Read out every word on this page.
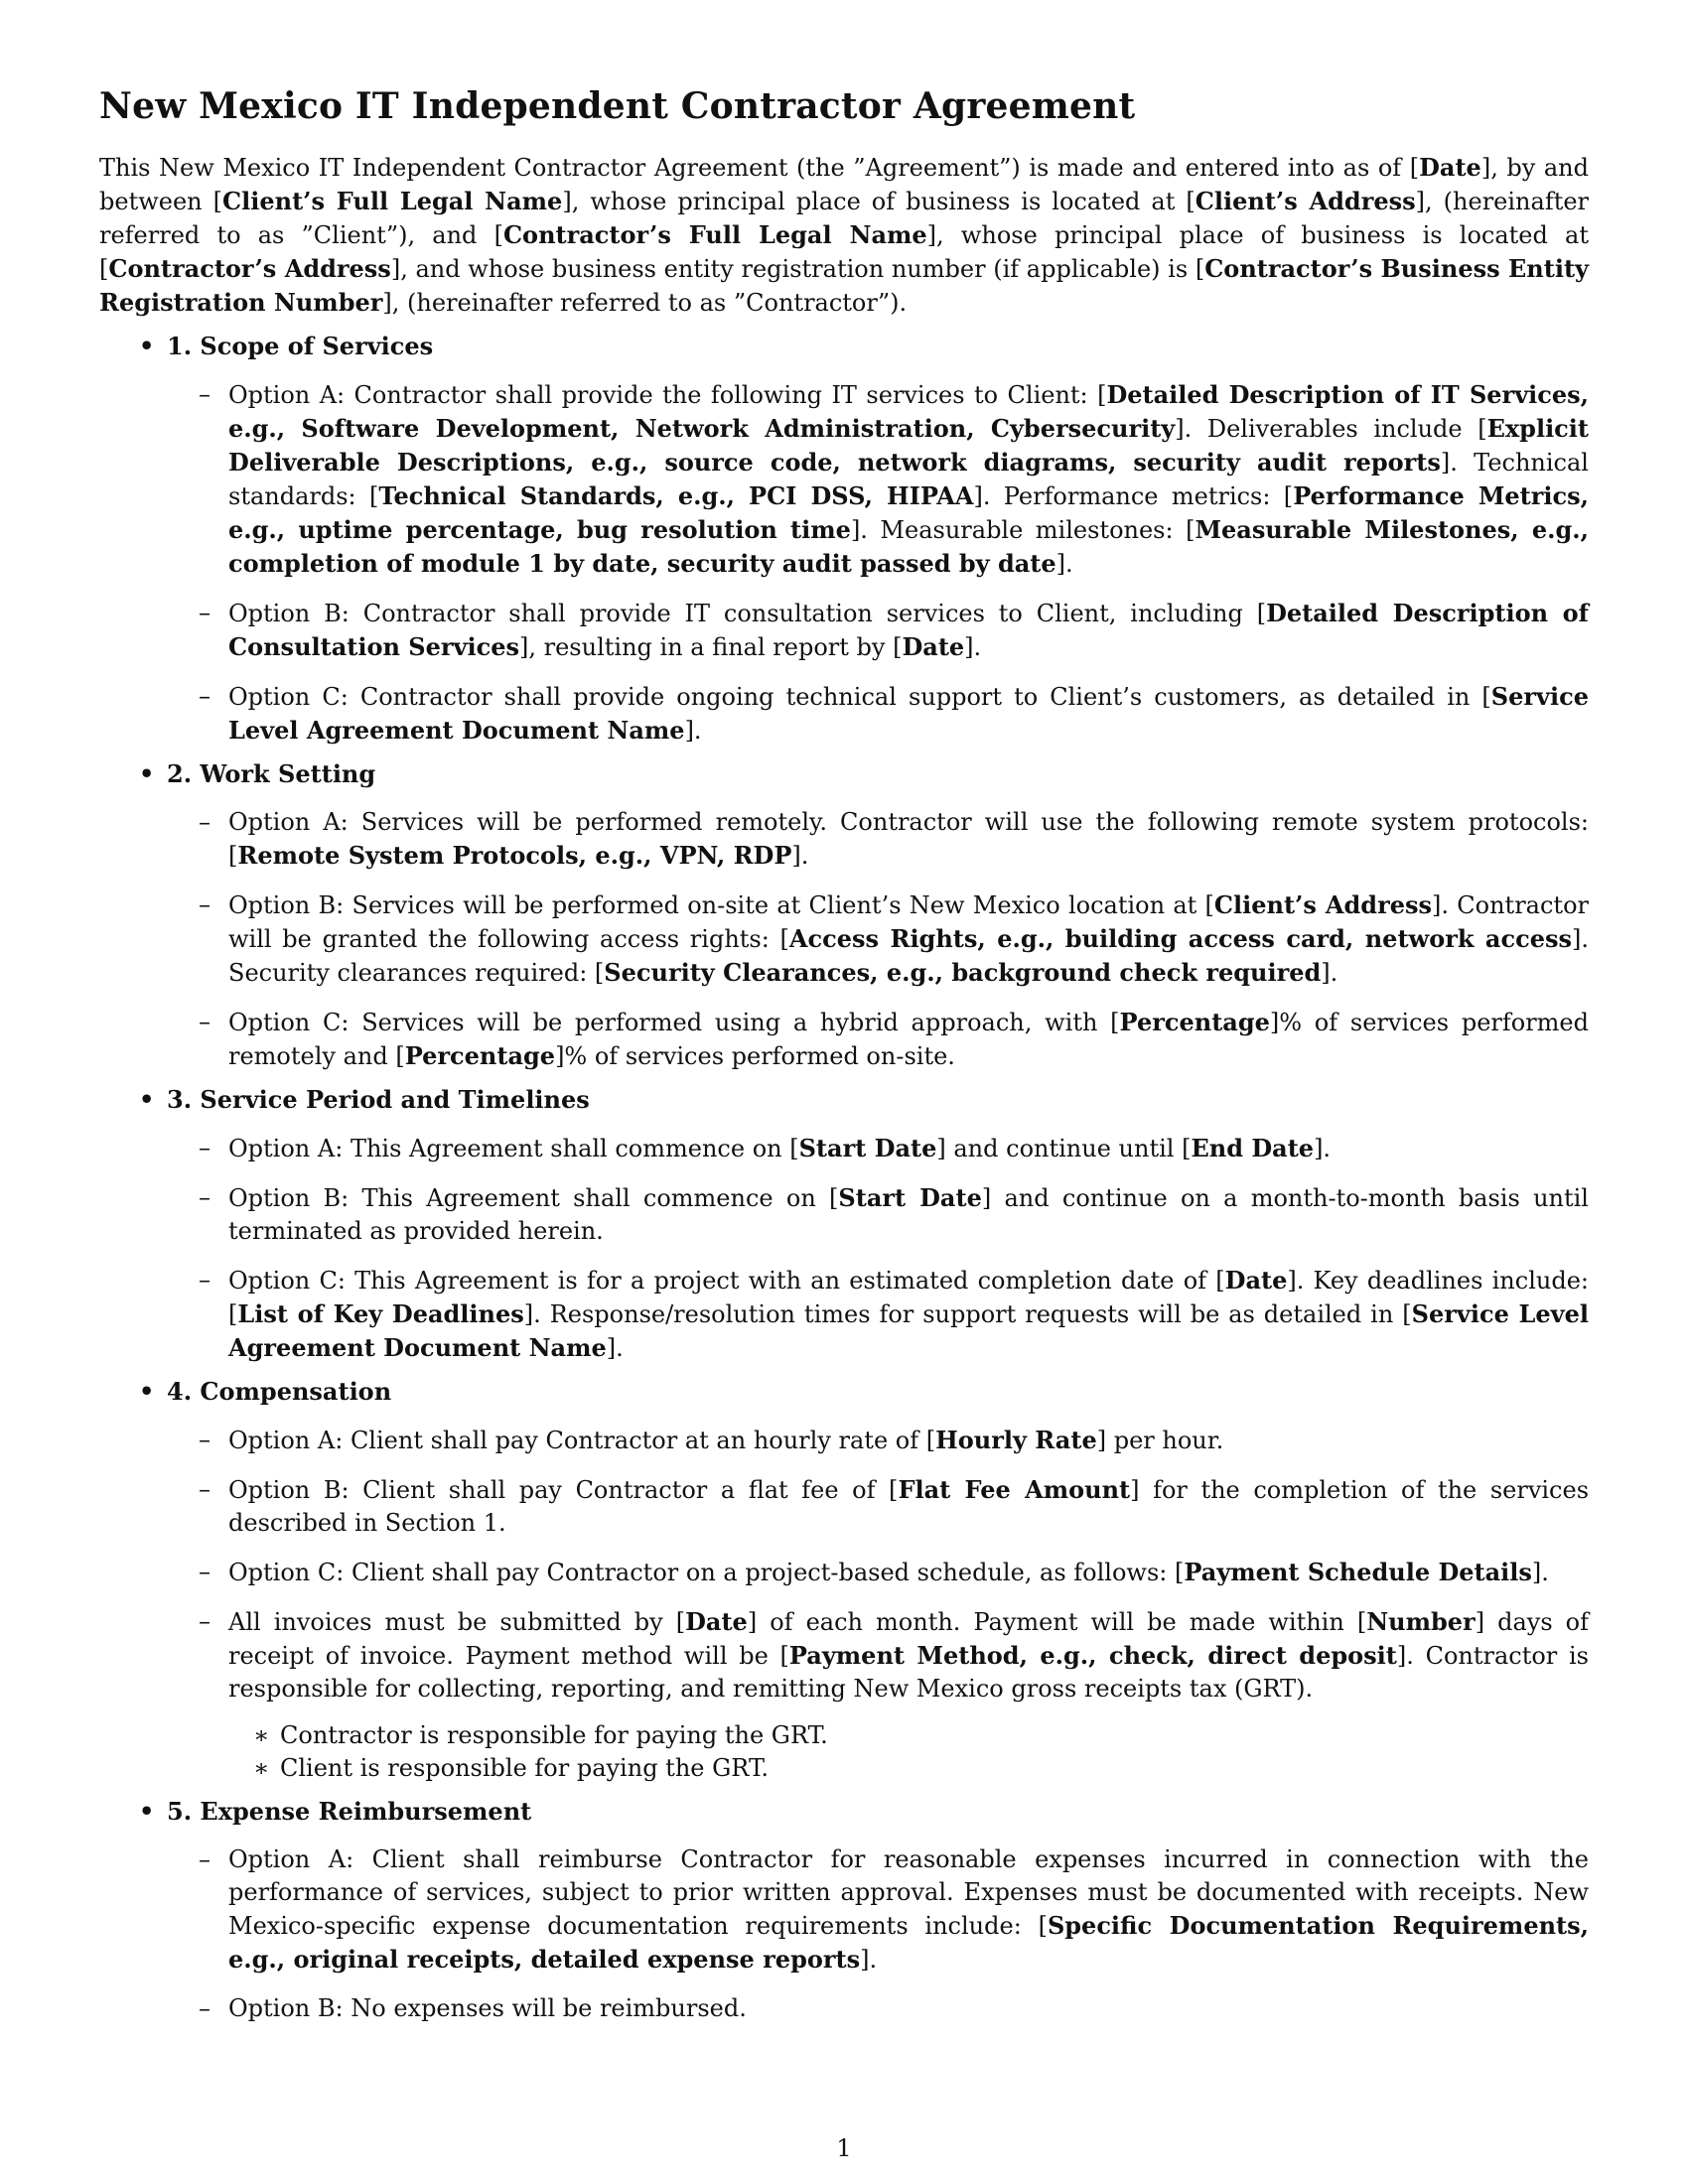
New Mexico IT Independent Contractor Agreement

This New Mexico IT Independent Contractor Agreement (the ”Agreement”) is made and entered into as of [Date], by and between [Client’s Full Legal Name], whose principal place of business is located at [Client’s Address], (hereinafter referred to as ”Client”), and [Contractor’s Full Legal Name], whose principal place of business is located at [Contractor’s Address], and whose business entity registration number (if applicable) is [Contractor’s Business Entity Registration Number], (hereinafter referred to as ”Contractor”).

• 1. Scope of Services
– Option A: Contractor shall provide the following IT services to Client: [Detailed Description of IT Services, e.g., Software Development, Network Administration, Cybersecurity]. Deliverables include [Explicit Deliverable Descriptions, e.g., source code, network diagrams, security audit reports]. Technical standards: [Technical Standards, e.g., PCI DSS, HIPAA]. Performance metrics: [Performance Metrics, e.g., uptime percentage, bug resolution time]. Measurable milestones: [Measurable Milestones, e.g., completion of module 1 by date, security audit passed by date].
– Option B: Contractor shall provide IT consultation services to Client, including [Detailed Description of Consultation Services], resulting in a final report by [Date].
– Option C: Contractor shall provide ongoing technical support to Client’s customers, as detailed in [Service Level Agreement Document Name].
• 2. Work Setting
– Option A: Services will be performed remotely. Contractor will use the following remote system protocols: [Remote System Protocols, e.g., VPN, RDP].
– Option B: Services will be performed on-site at Client’s New Mexico location at [Client’s Address]. Contractor will be granted the following access rights: [Access Rights, e.g., building access card, network access]. Security clearances required: [Security Clearances, e.g., background check required].
– Option C: Services will be performed using a hybrid approach, with [Percentage]% of services performed remotely and [Percentage]% of services performed on-site.
• 3. Service Period and Timelines
– Option A: This Agreement shall commence on [Start Date] and continue until [End Date].
– Option B: This Agreement shall commence on [Start Date] and continue on a month-to-month basis until terminated as provided herein.
– Option C: This Agreement is for a project with an estimated completion date of [Date]. Key deadlines include: [List of Key Deadlines]. Response/resolution times for support requests will be as detailed in [Service Level Agreement Document Name].
• 4. Compensation
– Option A: Client shall pay Contractor at an hourly rate of [Hourly Rate] per hour.
– Option B: Client shall pay Contractor a flat fee of [Flat Fee Amount] for the completion of the services described in Section 1.
– Option C: Client shall pay Contractor on a project-based schedule, as follows: [Payment Schedule Details].
– All invoices must be submitted by [Date] of each month. Payment will be made within [Number] days of receipt of invoice. Payment method will be [Payment Method, e.g., check, direct deposit]. Contractor is responsible for collecting, reporting, and remitting New Mexico gross receipts tax (GRT).
∗ Contractor is responsible for paying the GRT.
∗ Client is responsible for paying the GRT.
• 5. Expense Reimbursement
– Option A: Client shall reimburse Contractor for reasonable expenses incurred in connection with the performance of services, subject to prior written approval. Expenses must be documented with receipts. New Mexico-specific expense documentation requirements include: [Specific Documentation Requirements, e.g., original receipts, detailed expense reports].
– Option B: No expenses will be reimbursed.
1
